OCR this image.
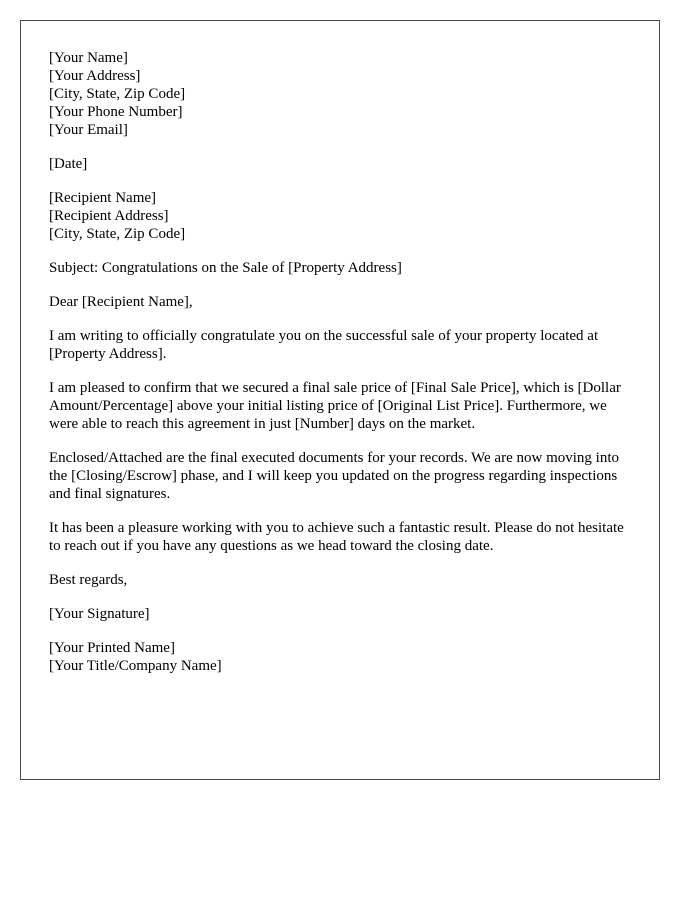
[Your Name]
[Your Address]
[City, State, Zip Code]
[Your Phone Number]
[Your Email]
[Date]
[Recipient Name]
[Recipient Address]
[City, State, Zip Code]

Subject: Congratulations on the Sale of [Property Address]

Dear [Recipient Name],

I am writing to officially congratulate you on the successful sale of your property located at [Property Address].

I am pleased to confirm that we secured a final sale price of [Final Sale Price], which is [Dollar Amount/Percentage] above your initial listing price of [Original List Price]. Furthermore, we were able to reach this agreement in just [Number] days on the market.

Enclosed/Attached are the final executed documents for your records. We are now moving into the [Closing/Escrow] phase, and I will keep you updated on the progress regarding inspections and final signatures.

It has been a pleasure working with you to achieve such a fantastic result. Please do not hesitate to reach out if you have any questions as we head toward the closing date.

Best regards,

[Your Signature]

[Your Printed Name]
[Your Title/Company Name]
